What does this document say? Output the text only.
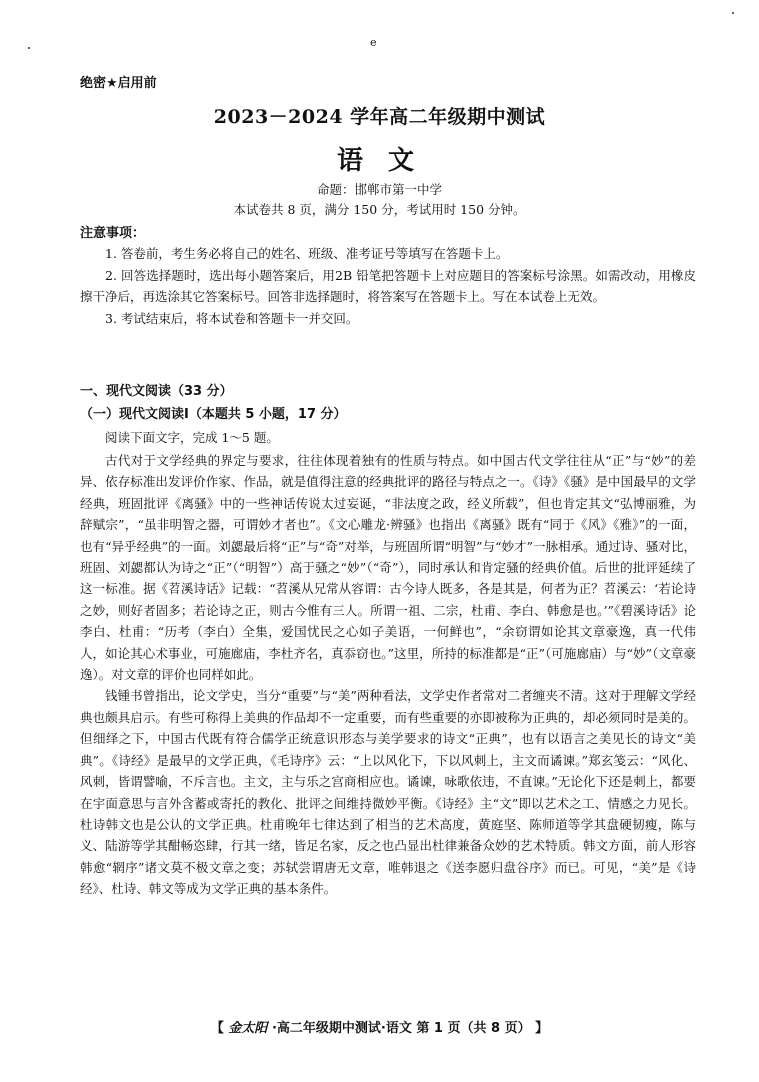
e
绝密★启用前
2023－2024 学年高二年级期中测试
语 文
命题：邯郸市第一中学
本试卷共 8 页，满分 150 分，考试用时 150 分钟。
注意事项：

1. 答卷前，考生务必将自己的姓名、班级、准考证号等填写在答题卡上。

2. 回答选择题时，选出每小题答案后，用2B 铅笔把答题卡上对应题目的答案标号涂黑。如需改动，用橡皮擦干净后，再选涂其它答案标号。回答非选择题时，将答案写在答题卡上。写在本试卷上无效。

3. 考试结束后，将本试卷和答题卡一并交回。

一、现代文阅读（33 分）
（一）现代文阅读Ⅰ（本题共 5 小题，17 分）
阅读下面文字，完成 1～5 题。

古代对于文学经典的界定与要求，往往体现着独有的性质与特点。如中国古代文学往往从“正”与“妙”的差异、依存标准出发评价作家、作品，就是值得注意的经典批评的路径与特点之一。《诗》《骚》是中国最早的文学经典，班固批评《离骚》中的一些神话传说太过妄诞，“非法度之政，经义所载”，但也肯定其文“弘博丽雅，为辞赋宗”，“虽非明智之器，可谓妙才者也”。《文心雕龙·辨骚》也指出《离骚》既有“同于《风》《雅》”的一面，也有“异乎经典”的一面。刘勰最后将“正”与“奇”对举，与班固所谓“明智”与“妙才”一脉相承。通过诗、骚对比，班固、刘勰都认为诗之“正”（“明智”）高于骚之“妙”（“奇”），同时承认和肯定骚的经典价值。后世的批评延续了这一标准。据《苕溪诗话》记载：“苕溪从兄常从容谓：古今诗人既多，各是其是，何者为正？苕溪云：‘若论诗之妙，则好者固多；若论诗之正，则古今惟有三人。所谓一祖、二宗，杜甫、李白、韩愈是也。’”《碧溪诗话》论李白、杜甫：“历考（李白）全集，爱国忧民之心如子美语，一何鲜也”，“余窃谓如论其文章豪逸，真一代伟人，如论其心术事业，可施廊庙，李杜齐名，真忝窃也。”这里，所持的标准都是“正”（可施廊庙）与“妙”（文章豪逸）。对文章的评价也同样如此。

钱锺书曾指出，论文学史，当分“重要”与“美”两种看法，文学史作者常对二者缠夹不清。这对于理解文学经典也颇具启示。有些可称得上美典的作品却不一定重要，而有些重要的亦即被称为正典的，却必须同时是美的。但细绎之下，中国古代既有符合儒学正统意识形态与美学要求的诗文“正典”，也有以语言之美见长的诗文“美典”。《诗经》是最早的文学正典，《毛诗序》云：“上以风化下，下以风刺上，主文而谲谏。”郑玄笺云：“风化、风刺，皆谓譬喻，不斥言也。主文，主与乐之宫商相应也。谲谏，咏歌依违，不直谏。”无论化下还是刺上，都要在宇面意思与言外含蓄或寄托的教化、批评之间维持微妙平衡。《诗经》主“文”即以艺术之工、情感之力见长。杜诗韩文也是公认的文学正典。杜甫晚年七律达到了相当的艺术高度，黄庭坚、陈师道等学其盘硬韧瘦，陈与义、陆游等学其酣畅恣肆，行其一绪，皆足名家，反之也凸显出杜律兼备众妙的艺术特质。韩文方面，前人形容韩愈“辋序”诸文莫不极文章之变；苏轼尝谓唐无文章，唯韩退之《送李愿归盘谷序》而已。可见，“美”是《诗经》、杜诗、韩文等成为文学正典的基本条件。

【 金太阳 ·高二年级期中测试·语文 第 1 页（共 8 页） 】
